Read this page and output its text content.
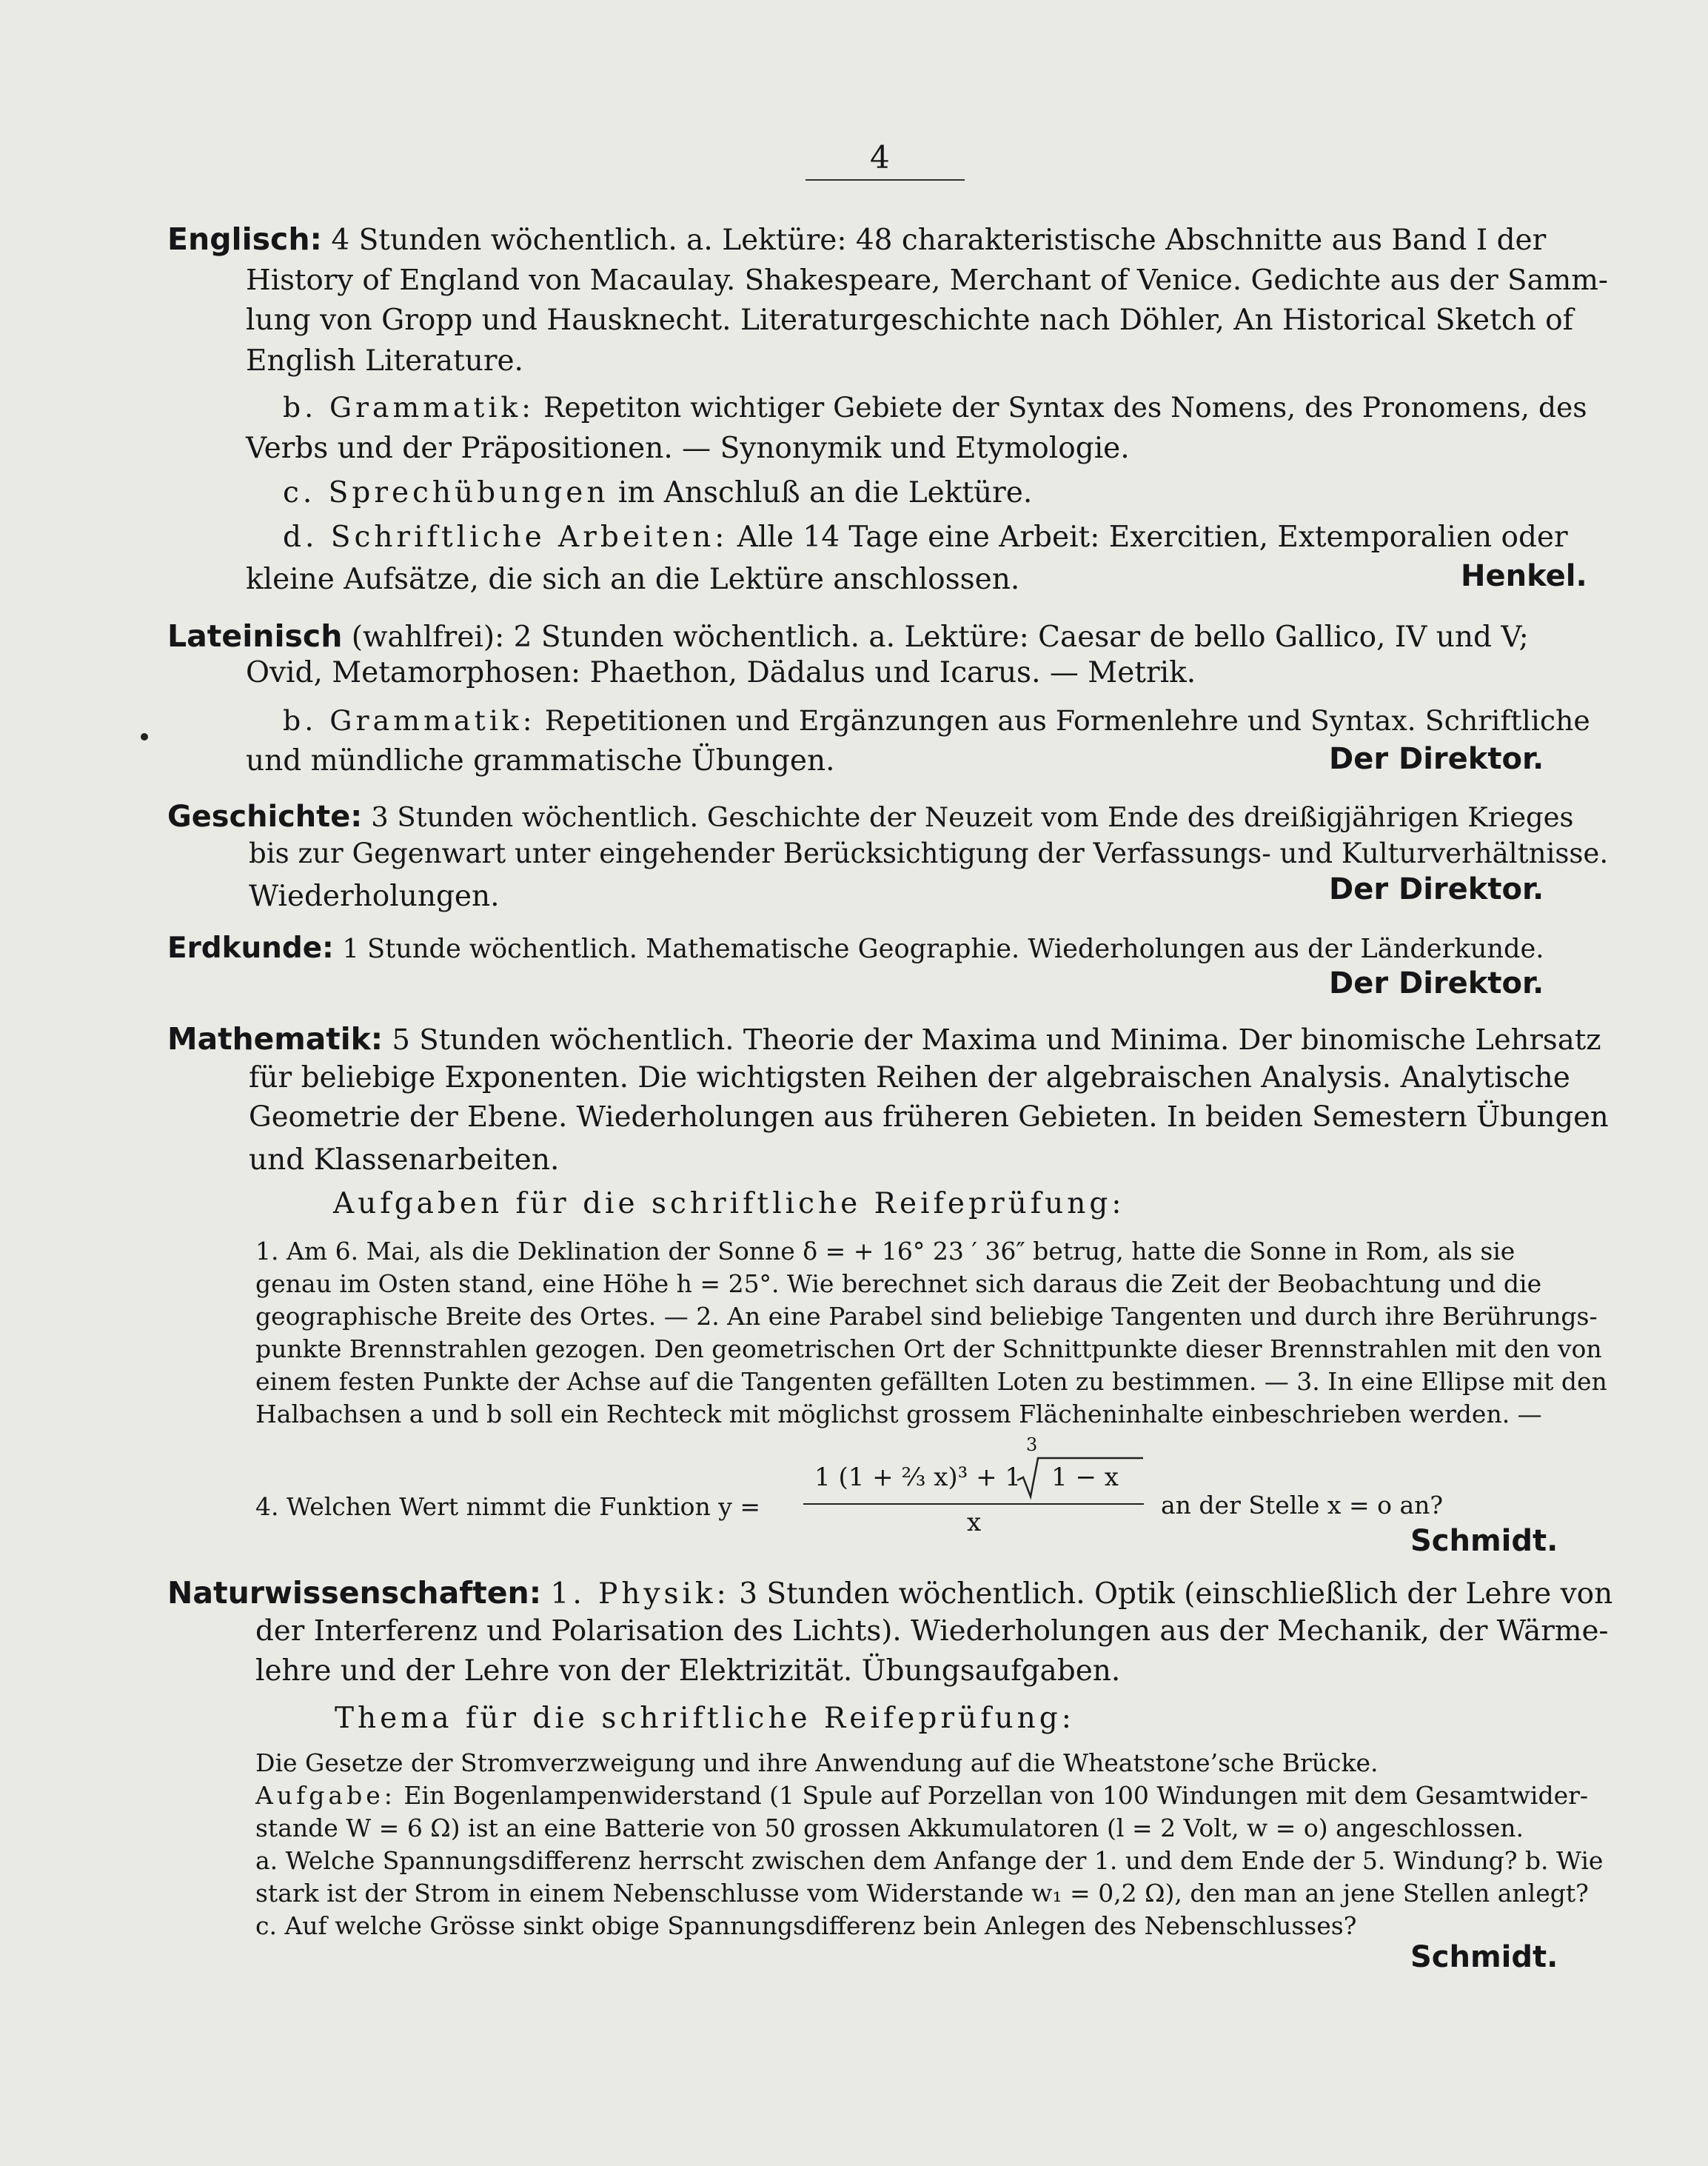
4
Englisch: 4 Stunden wöchentlich. a. Lektüre: 48 charakteristische Abschnitte aus Band I der
History of England von Macaulay. Shakespeare, Merchant of Venice. Gedichte aus der Samm-
lung von Gropp und Hausknecht. Literaturgeschichte nach Döhler, An Historical Sketch of
English Literature.
b. Grammatik: Repetiton wichtiger Gebiete der Syntax des Nomens, des Pronomens, des
Verbs und der Präpositionen. — Synonymik und Etymologie.
c. Sprechübungen im Anschluß an die Lektüre.
d. Schriftliche Arbeiten: Alle 14 Tage eine Arbeit: Exercitien, Extemporalien oder
kleine Aufsätze, die sich an die Lektüre anschlossen.	Henkel.
Lateinisch (wahlfrei): 2 Stunden wöchentlich. a. Lektüre: Caesar de bello Gallico, IV und V;
Ovid, Metamorphosen: Phaethon, Dädalus und Icarus. — Metrik.
b. Grammatik: Repetitionen und Ergänzungen aus Formenlehre und Syntax. Schriftliche
und mündliche grammatische Übungen.	Der Direktor.
Geschichte: 3 Stunden wöchentlich. Geschichte der Neuzeit vom Ende des dreißigjährigen Krieges
bis zur Gegenwart unter eingehender Berücksichtigung der Verfassungs- und Kulturverhältnisse.
Wiederholungen.	Der Direktor.
Erdkunde: 1 Stunde wöchentlich. Mathematische Geographie. Wiederholungen aus der Länderkunde.
Der Direktor.
Mathematik: 5 Stunden wöchentlich. Theorie der Maxima und Minima. Der binomische Lehrsatz
für beliebige Exponenten. Die wichtigsten Reihen der algebraischen Analysis. Analytische
Geometrie der Ebene. Wiederholungen aus früheren Gebieten. In beiden Semestern Übungen
und Klassenarbeiten.
Aufgaben für die schriftliche Reifeprüfung:
1. Am 6. Mai, als die Deklination der Sonne δ = + 16° 23 ′ 36″ betrug, hatte die Sonne in Rom, als sie
genau im Osten stand, eine Höhe h = 25°. Wie berechnet sich daraus die Zeit der Beobachtung und die
geographische Breite des Ortes. — 2. An eine Parabel sind beliebige Tangenten und durch ihre Berührungs-
punkte Brennstrahlen gezogen. Den geometrischen Ort der Schnittpunkte dieser Brennstrahlen mit den von
einem festen Punkte der Achse auf die Tangenten gefällten Loten zu bestimmen. — 3. In eine Ellipse mit den
Halbachsen a und b soll ein Rechteck mit möglichst grossem Flächeninhalte einbeschrieben werden. —
4. Welchen Wert nimmt die Funktion y =
1 (1 + ⅔ x)³ + 1
3
1 − x
x
an der Stelle x = o an?
Schmidt.
Naturwissenschaften: 1. Physik: 3 Stunden wöchentlich. Optik (einschließlich der Lehre von
der Interferenz und Polarisation des Lichts). Wiederholungen aus der Mechanik, der Wärme-
lehre und der Lehre von der Elektrizität. Übungsaufgaben.
Thema für die schriftliche Reifeprüfung:
Die Gesetze der Stromverzweigung und ihre Anwendung auf die Wheatstone’sche Brücke.
Aufgabe: Ein Bogenlampenwiderstand (1 Spule auf Porzellan von 100 Windungen mit dem Gesamtwider-
stande W = 6 Ω) ist an eine Batterie von 50 grossen Akkumulatoren (l = 2 Volt, w = o) angeschlossen.
a. Welche Spannungsdifferenz herrscht zwischen dem Anfange der 1. und dem Ende der 5. Windung? b. Wie
stark ist der Strom in einem Nebenschlusse vom Widerstande w₁ = 0,2 Ω), den man an jene Stellen anlegt?
c. Auf welche Grösse sinkt obige Spannungsdifferenz bein Anlegen des Nebenschlusses?
Schmidt.
